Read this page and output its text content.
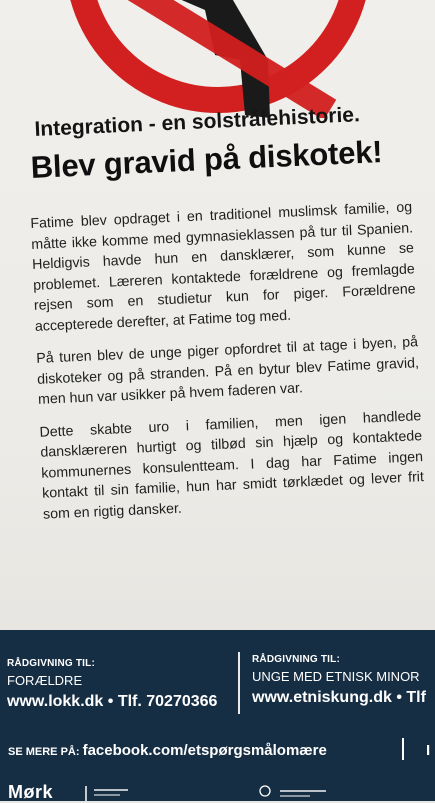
Integration - en solstrålehistorie.
Blev gravid på diskotek!

Fatime blev opdraget i en traditionel muslimsk familie, og måtte ikke komme med gymnasieklassen på tur til Spanien. Heldigvis havde hun en dansklærer, som kunne se problemet. Læreren kontaktede forældrene og fremlagde rejsen som en studietur kun for piger. Forældrene accepterede derefter, at Fatime tog med.

På turen blev de unge piger opfordret til at tage i byen, på diskoteker og på stranden. På en bytur blev Fatime gravid, men hun var usikker på hvem faderen var.

Dette skabte uro i familien, men igen handlede dansklæreren hurtigt og tilbød sin hjælp og kontaktede kommunernes konsulentteam. I dag har Fatime ingen kontakt til sin familie, hun har smidt tørklædet og lever frit som en rigtig dansker.

RÅDGIVNING TIL:
FORÆLDRE
www.lokk.dk • Tlf. 70270366
RÅDGIVNING TIL:
UNGE MED ETNISK MINOR
www.etniskung.dk • Tlf
SE MERE PÅ: facebook.com/etspørgsmålomære	I
Mørk
